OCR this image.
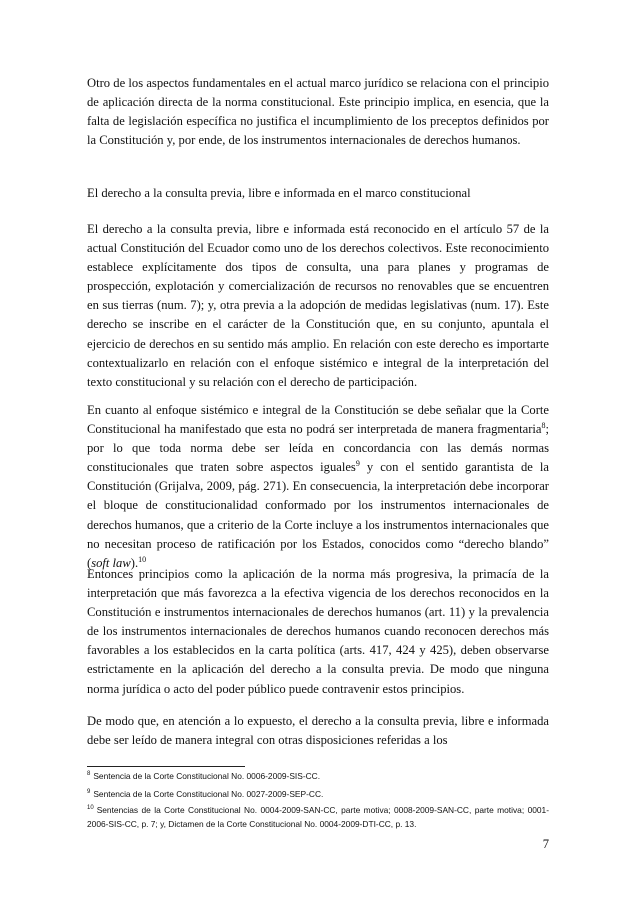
Otro de los aspectos fundamentales en el actual marco jurídico se relaciona con el principio de aplicación directa de la norma constitucional. Este principio implica, en esencia, que la falta de legislación específica no justifica el incumplimiento de los preceptos definidos por la Constitución y, por ende, de los instrumentos internacionales de derechos humanos.

El derecho a la consulta previa, libre e informada en el marco constitucional

El derecho a la consulta previa, libre e informada está reconocido en el artículo 57 de la actual Constitución del Ecuador como uno de los derechos colectivos. Este reconocimiento establece explícitamente dos tipos de consulta, una para planes y programas de prospección, explotación y comercialización de recursos no renovables que se encuentren en sus tierras (num. 7); y, otra previa a la adopción de medidas legislativas (num. 17). Este derecho se inscribe en el carácter de la Constitución que, en su conjunto, apuntala el ejercicio de derechos en su sentido más amplio. En relación con este derecho es importarte contextualizarlo en relación con el enfoque sistémico e integral de la interpretación del texto constitucional y su relación con el derecho de participación.

En cuanto al enfoque sistémico e integral de la Constitución se debe señalar que la Corte Constitucional ha manifestado que esta no podrá ser interpretada de manera fragmentaria$^8$; por lo que toda norma debe ser leída en concordancia con las demás normas constitucionales que traten sobre aspectos iguales$^9$ y con el sentido garantista de la Constitución (Grijalva, 2009, pág. 271). En consecuencia, la interpretación debe incorporar el bloque de constitucionalidad conformado por los instrumentos internacionales de derechos humanos, que a criterio de la Corte incluye a los instrumentos internacionales que no necesitan proceso de ratificación por los Estados, conocidos como “derecho blando” (soft law).$^{10}$

Entonces principios como la aplicación de la norma más progresiva, la primacía de la interpretación que más favorezca a la efectiva vigencia de los derechos reconocidos en la Constitución e instrumentos internacionales de derechos humanos (art. 11) y la prevalencia de los instrumentos internacionales de derechos humanos cuando reconocen derechos más favorables a los establecidos en la carta política (arts. 417, 424 y 425), deben observarse estrictamente en la aplicación del derecho a la consulta previa. De modo que ninguna norma jurídica o acto del poder público puede contravenir estos principios.

De modo que, en atención a lo expuesto, el derecho a la consulta previa, libre e informada debe ser leído de manera integral con otras disposiciones referidas a los

$^8$ Sentencia de la Corte Constitucional No. 0006-2009-SIS-CC.

$^9$ Sentencia de la Corte Constitucional No. 0027-2009-SEP-CC.

$^{10}$ Sentencias de la Corte Constitucional No. 0004-2009-SAN-CC, parte motiva; 0008-2009-SAN-CC, parte motiva; 0001-2006-SIS-CC, p. 7; y, Dictamen de la Corte Constitucional No. 0004-2009-DTI-CC, p. 13.

7
